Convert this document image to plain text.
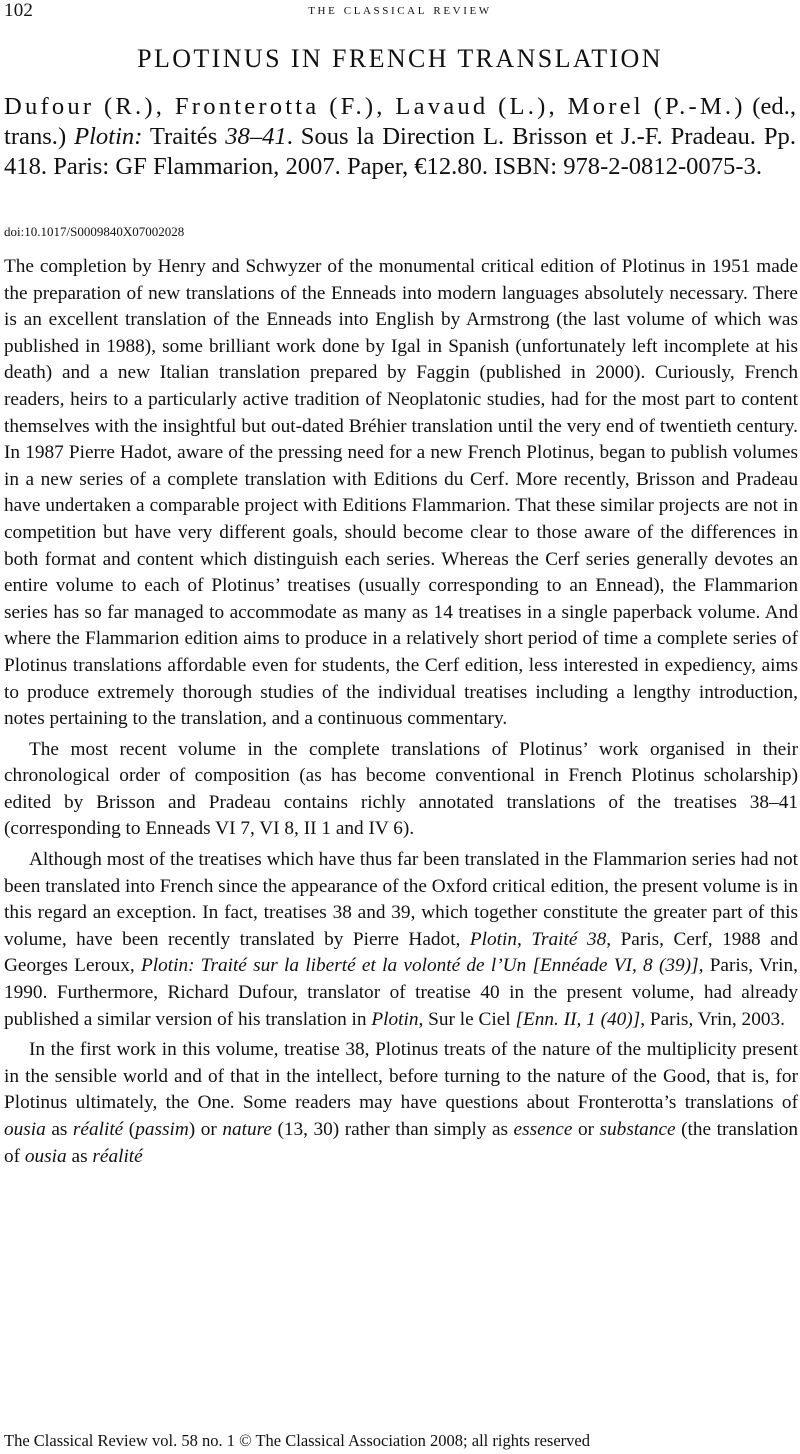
102	the classical review
PLOTINUS IN FRENCH TRANSLATION
Dufour (R.), Fronterotta (F.), Lavaud (L.), Morel (P.-M.) (ed., trans.) Plotin: Traités 38–41. Sous la Direction L. Brisson et J.-F. Pradeau. Pp. 418. Paris: GF Flammarion, 2007. Paper, €12.80. ISBN: 978-2-0812-0075-3.
doi:10.1017/S0009840X07002028

The completion by Henry and Schwyzer of the monumental critical edition of Plotinus in 1951 made the preparation of new translations of the Enneads into modern languages absolutely necessary. There is an excellent translation of the Enneads into English by Armstrong (the last volume of which was published in 1988), some brilliant work done by Igal in Spanish (unfortunately left incomplete at his death) and a new Italian translation prepared by Faggin (published in 2000). Curiously, French readers, heirs to a particularly active tradition of Neoplatonic studies, had for the most part to content themselves with the insightful but out-dated Bréhier translation until the very end of twentieth century. In 1987 Pierre Hadot, aware of the pressing need for a new French Plotinus, began to publish volumes in a new series of a complete translation with Editions du Cerf. More recently, Brisson and Pradeau have undertaken a comparable project with Editions Flammarion. That these similar projects are not in competition but have very different goals, should become clear to those aware of the differences in both format and content which distinguish each series. Whereas the Cerf series generally devotes an entire volume to each of Plotinus’ treatises (usually corresponding to an Ennead), the Flammarion series has so far managed to accommodate as many as 14 treatises in a single paperback volume. And where the Flammarion edition aims to produce in a relatively short period of time a complete series of Plotinus translations affordable even for students, the Cerf edition, less interested in expediency, aims to produce extremely thorough studies of the individual treatises including a lengthy introduction, notes pertaining to the translation, and a continuous commentary.

The most recent volume in the complete translations of Plotinus’ work organised in their chronological order of composition (as has become conventional in French Plotinus scholarship) edited by Brisson and Pradeau contains richly annotated translations of the treatises 38–41 (corresponding to Enneads VI 7, VI 8, II 1 and IV 6).

Although most of the treatises which have thus far been translated in the Flammarion series had not been translated into French since the appearance of the Oxford critical edition, the present volume is in this regard an exception. In fact, treatises 38 and 39, which together constitute the greater part of this volume, have been recently translated by Pierre Hadot, Plotin, Traité 38, Paris, Cerf, 1988 and Georges Leroux, Plotin: Traité sur la liberté et la volonté de l’Un [Ennéade VI, 8 (39)], Paris, Vrin, 1990. Furthermore, Richard Dufour, translator of treatise 40 in the present volume, had already published a similar version of his translation in Plotin, Sur le Ciel [Enn. II, 1 (40)], Paris, Vrin, 2003.

In the first work in this volume, treatise 38, Plotinus treats of the nature of the multiplicity present in the sensible world and of that in the intellect, before turning to the nature of the Good, that is, for Plotinus ultimately, the One. Some readers may have questions about Fronterotta’s translations of ousia as réalité (passim) or nature (13, 30) rather than simply as essence or substance (the translation of ousia as réalité

The Classical Review vol. 58 no. 1 © The Classical Association 2008; all rights reserved
